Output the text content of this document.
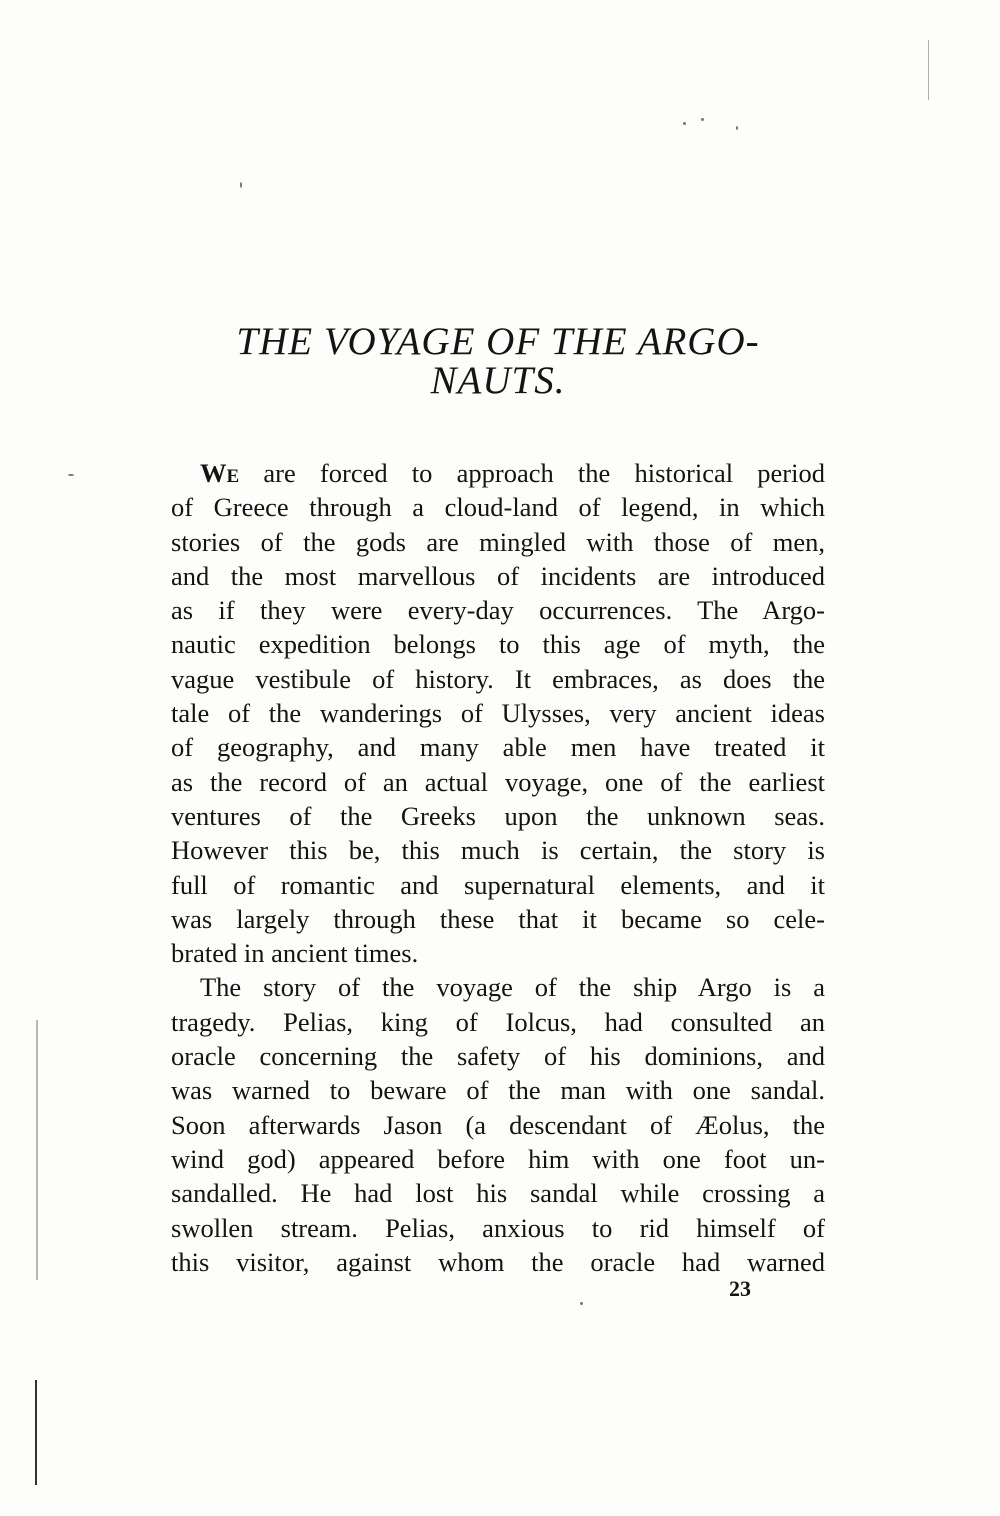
THE VOYAGE OF THE ARGO-
NAUTS.
We are forced to approach the historical period
of Greece through a cloud-land of legend, in which
stories of the gods are mingled with those of men,
and the most marvellous of incidents are introduced
as if they were every-day occurrences. The Argo-
nautic expedition belongs to this age of myth, the
vague vestibule of history. It embraces, as does the
tale of the wanderings of Ulysses, very ancient ideas
of geography, and many able men have treated it
as the record of an actual voyage, one of the earliest
ventures of the Greeks upon the unknown seas.
However this be, this much is certain, the story is
full of romantic and supernatural elements, and it
was largely through these that it became so cele-
brated in ancient times.
The story of the voyage of the ship Argo is a
tragedy. Pelias, king of Iolcus, had consulted an
oracle concerning the safety of his dominions, and
was warned to beware of the man with one sandal.
Soon afterwards Jason (a descendant of Æolus, the
wind god) appeared before him with one foot un-
sandalled. He had lost his sandal while crossing a
swollen stream. Pelias, anxious to rid himself of
this visitor, against whom the oracle had warned
23
